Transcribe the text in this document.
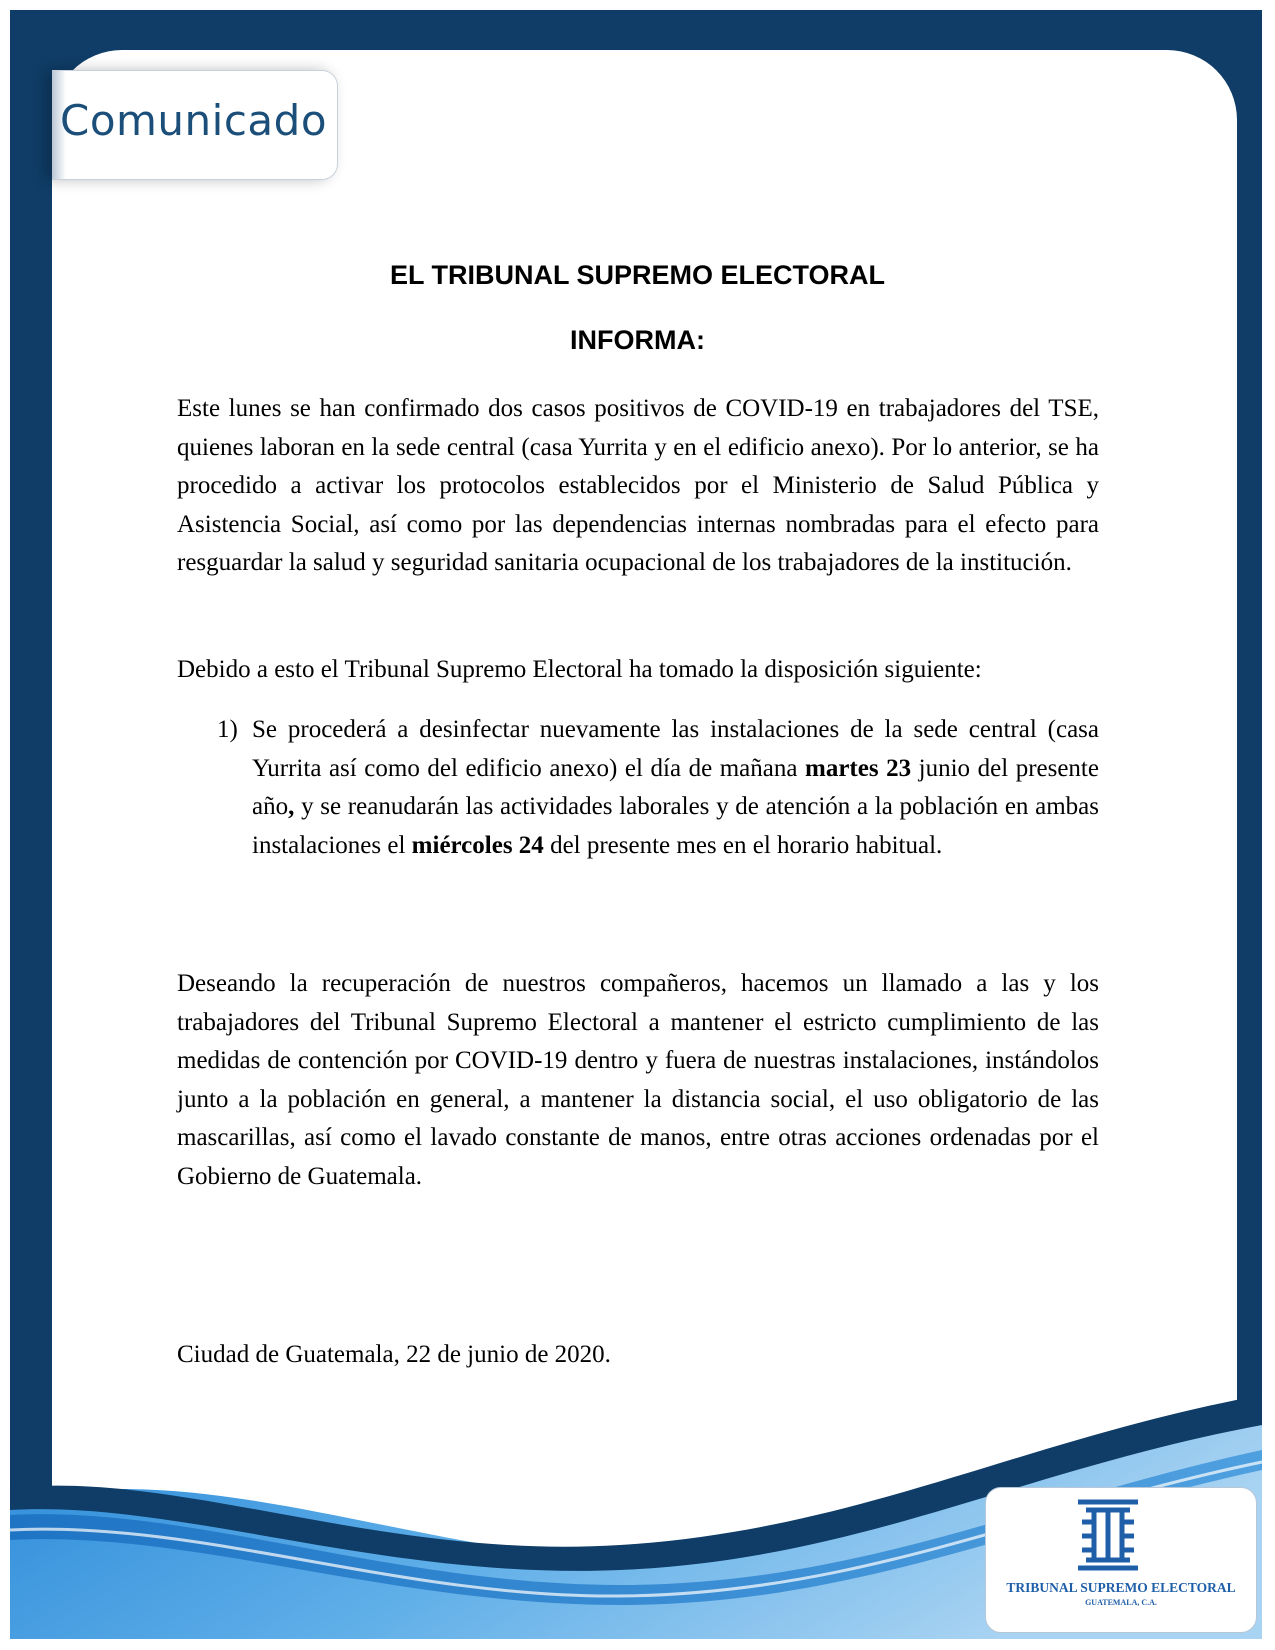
Comunicado
EL TRIBUNAL SUPREMO ELECTORAL
INFORMA:

Este lunes se han confirmado dos casos positivos de COVID-19 en trabajadores del TSE, quienes laboran en la sede central (casa Yurrita y en el edificio anexo). Por lo anterior, se ha procedido a activar los protocolos establecidos por el Ministerio de Salud Pública y Asistencia Social, así como por las dependencias internas nombradas para el efecto para resguardar la salud y seguridad sanitaria ocupacional de los trabajadores de la institución.

Debido a esto el Tribunal Supremo Electoral ha tomado la disposición siguiente:

1) Se procederá a desinfectar nuevamente las instalaciones de la sede central (casa Yurrita así como del edificio anexo) el día de mañana martes 23 junio del presente año, y se reanudarán las actividades laborales y de atención a la población en ambas instalaciones el miércoles 24 del presente mes en el horario habitual.

Deseando la recuperación de nuestros compañeros, hacemos un llamado a las y los trabajadores del Tribunal Supremo Electoral a mantener el estricto cumplimiento de las medidas de contención por COVID-19 dentro y fuera de nuestras instalaciones, instándolos junto a la población en general, a mantener la distancia social, el uso obligatorio de las mascarillas, así como el lavado constante de manos, entre otras acciones ordenadas por el Gobierno de Guatemala.

Ciudad de Guatemala, 22 de junio de 2020.
TRIBUNAL SUPREMO ELECTORAL
GUATEMALA, C.A.
